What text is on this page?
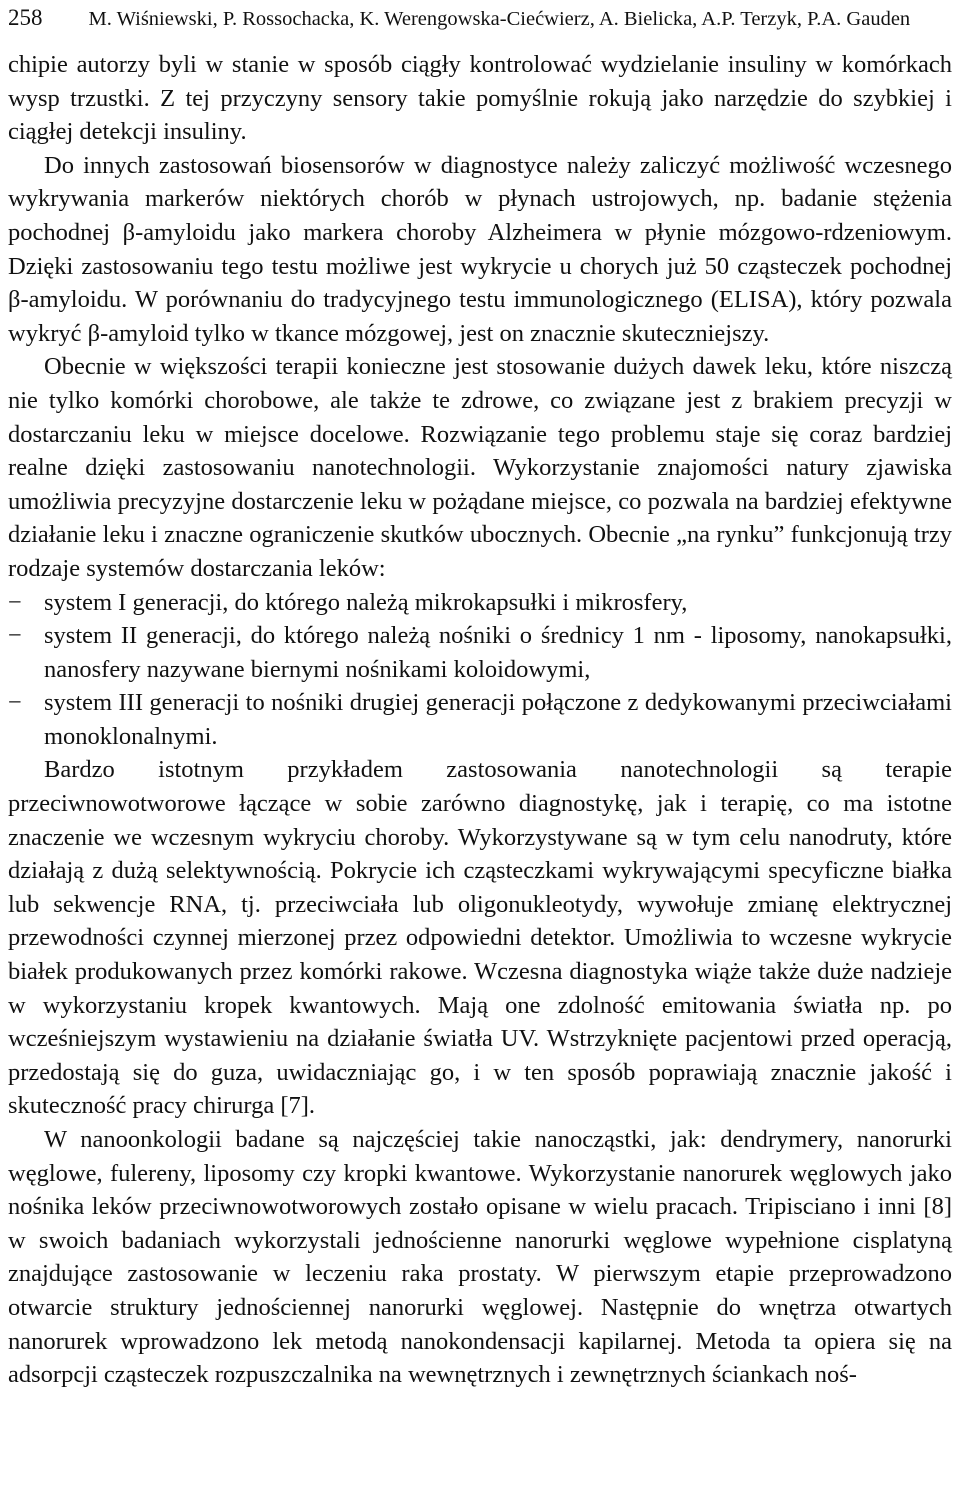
258 M. Wiśniewski, P. Rossochacka, K. Werengowska-Ciećwierz, A. Bielicka, A.P. Terzyk, P.A. Gauden

chipie autorzy byli w stanie w sposób ciągły kontrolować wydzielanie insuliny w komórkach wysp trzustki. Z tej przyczyny sensory takie pomyślnie rokują jako narzędzie do szybkiej i ciągłej detekcji insuliny.

Do innych zastosowań biosensorów w diagnostyce należy zaliczyć możliwość wczesnego wykrywania markerów niektórych chorób w płynach ustrojowych, np. badanie stężenia pochodnej β-amyloidu jako markera choroby Alzheimera w płynie mózgowo-rdzeniowym. Dzięki zastosowaniu tego testu możliwe jest wykrycie u chorych już 50 cząsteczek pochodnej β-amyloidu. W porównaniu do tradycyjnego testu immunologicznego (ELISA), który pozwala wykryć β-amyloid tylko w tkance mózgowej, jest on znacznie skuteczniejszy.

Obecnie w większości terapii konieczne jest stosowanie dużych dawek leku, które niszczą nie tylko komórki chorobowe, ale także te zdrowe, co związane jest z brakiem precyzji w dostarczaniu leku w miejsce docelowe. Rozwiązanie tego problemu staje się coraz bardziej realne dzięki zastosowaniu nanotechnologii. Wykorzystanie znajomości natury zjawiska umożliwia precyzyjne dostarczenie leku w pożądane miejsce, co pozwala na bardziej efektywne działanie leku i znaczne ograniczenie skutków ubocznych. Obecnie „na rynku” funkcjonują trzy rodzaje systemów dostarczania leków:

− system I generacji, do którego należą mikrokapsułki i mikrosfery,
− system II generacji, do którego należą nośniki o średnicy 1 nm - liposomy, nanokapsułki, nanosfery nazywane biernymi nośnikami koloidowymi,
− system III generacji to nośniki drugiej generacji połączone z dedykowanymi przeciwciałami monoklonalnymi.

Bardzo istotnym przykładem zastosowania nanotechnologii są terapie przeciwnowotworowe łączące w sobie zarówno diagnostykę, jak i terapię, co ma istotne znaczenie we wczesnym wykryciu choroby. Wykorzystywane są w tym celu nanodruty, które działają z dużą selektywnością. Pokrycie ich cząsteczkami wykrywającymi specyficzne białka lub sekwencje RNA, tj. przeciwciała lub oligonukleotydy, wywołuje zmianę elektrycznej przewodności czynnej mierzonej przez odpowiedni detektor. Umożliwia to wczesne wykrycie białek produkowanych przez komórki rakowe. Wczesna diagnostyka wiąże także duże nadzieje w wykorzystaniu kropek kwantowych. Mają one zdolność emitowania światła np. po wcześniejszym wystawieniu na działanie światła UV. Wstrzyknięte pacjentowi przed operacją, przedostają się do guza, uwidaczniając go, i w ten sposób poprawiają znacznie jakość i skuteczność pracy chirurga [7].

W nanoonkologii badane są najczęściej takie nanocząstki, jak: dendrymery, nanorurki węglowe, fulereny, liposomy czy kropki kwantowe. Wykorzystanie nanorurek węglowych jako nośnika leków przeciwnowotworowych zostało opisane w wielu pracach. Tripisciano i inni [8] w swoich badaniach wykorzystali jednościenne nanorurki węglowe wypełnione cisplatyną znajdujące zastosowanie w leczeniu raka prostaty. W pierwszym etapie przeprowadzono otwarcie struktury jednościennej nanorurki węglowej. Następnie do wnętrza otwartych nanorurek wprowadzono lek metodą nanokondensacji kapilarnej. Metoda ta opiera się na adsorpcji cząsteczek rozpuszczalnika na wewnętrznych i zewnętrznych ściankach noś-
